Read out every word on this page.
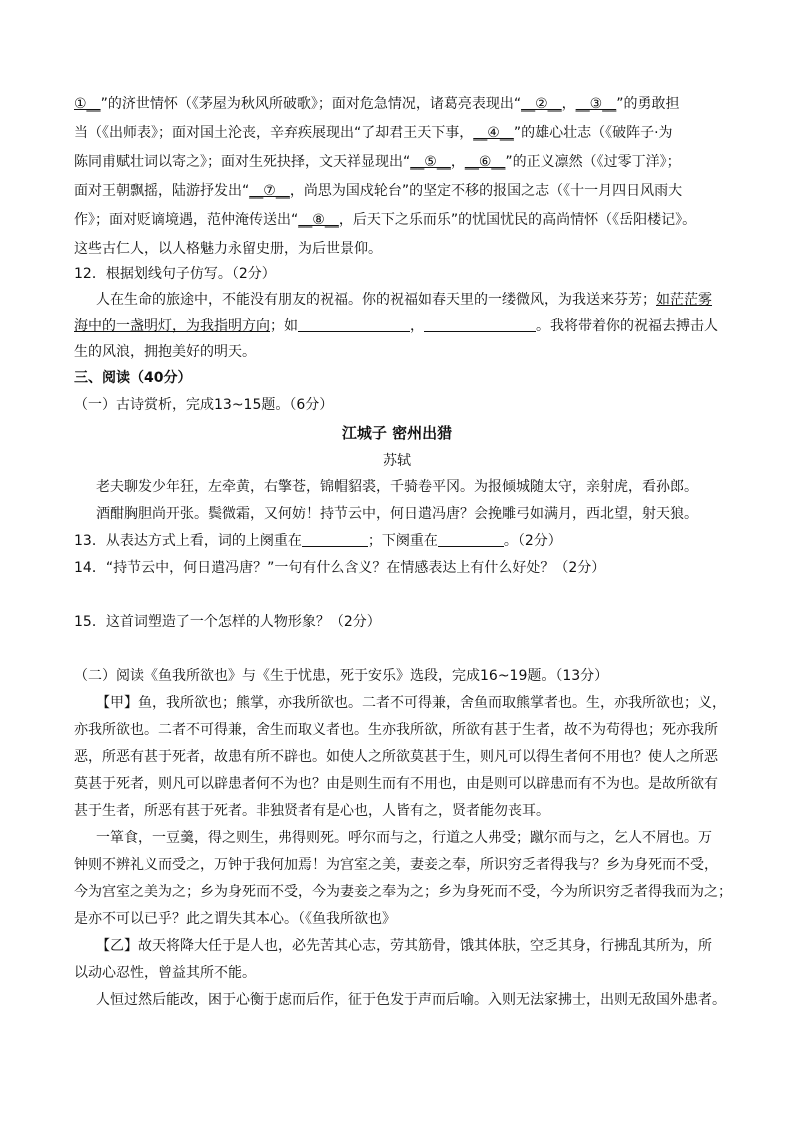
①__”的济世情怀（《茅屋为秋风所破歌》；面对危急情况，诸葛亮表现出“__②__，__③__”的勇敢担
当（《出师表》；面对国土沦丧，辛弃疾展现出“了却君王天下事，__④__”的雄心壮志（《破阵子·为
陈同甫赋壮词以寄之》；面对生死抉择，文天祥显现出“__⑤__，__⑥__”的正义凛然（《过零丁洋》；
面对王朝飘摇，陆游抒发出“__⑦__，尚思为国戍轮台”的坚定不移的报国之志（《十一月四日风雨大
作》；面对贬谪境遇，范仲淹传送出“__⑧__，后天下之乐而乐”的忧国忧民的高尚情怀（《岳阳楼记》。
这些古仁人，以人格魅力永留史册，为后世景仰。
12．根据划线句子仿写。（2分）
人在生命的旅途中，不能没有朋友的祝福。你的祝福如春天里的一缕微风，为我送来芬芳；如茫茫雾
海中的一盏明灯，为我指明方向；如	，	。我将带着你的祝福去搏击人
生的风浪，拥抱美好的明天。
三、阅读（40分）
（一）古诗赏析，完成13~15题。（6分）
江城子 密州出猎
苏轼
老夫聊发少年狂，左牵黄，右擎苍，锦帽貂裘，千骑卷平冈。为报倾城随太守，亲射虎，看孙郎。
酒酣胸胆尚开张。鬓微霜，又何妨！持节云中，何日遣冯唐？会挽雕弓如满月，西北望，射天狼。
13．从表达方式上看，词的上阕重在	；下阕重在	。（2分）
14．“持节云中，何日遣冯唐？”一句有什么含义？在情感表达上有什么好处？（2分）
15．这首词塑造了一个怎样的人物形象？（2分）
（二）阅读《鱼我所欲也》与《生于忧患，死于安乐》选段，完成16~19题。（13分）
【甲】鱼，我所欲也；熊掌，亦我所欲也。二者不可得兼，舍鱼而取熊掌者也。生，亦我所欲也；义，
亦我所欲也。二者不可得兼，舍生而取义者也。生亦我所欲，所欲有甚于生者，故不为苟得也；死亦我所
恶，所恶有甚于死者，故患有所不辟也。如使人之所欲莫甚于生，则凡可以得生者何不用也？使人之所恶
莫甚于死者，则凡可以辟患者何不为也？由是则生而有不用也，由是则可以辟患而有不为也。是故所欲有
甚于生者，所恶有甚于死者。非独贤者有是心也，人皆有之，贤者能勿丧耳。
一箪食，一豆羹，得之则生，弗得则死。呼尔而与之，行道之人弗受；蹴尔而与之，乞人不屑也。万
钟则不辨礼义而受之，万钟于我何加焉！为宫室之美，妻妾之奉，所识穷乏者得我与？乡为身死而不受，
今为宫室之美为之；乡为身死而不受，今为妻妾之奉为之；乡为身死而不受，今为所识穷乏者得我而为之；
是亦不可以已乎？此之谓失其本心。（《鱼我所欲也》
【乙】故天将降大任于是人也，必先苦其心志，劳其筋骨，饿其体肤，空乏其身，行拂乱其所为，所
以动心忍性，曾益其所不能。
人恒过然后能改，困于心衡于虑而后作，征于色发于声而后喻。入则无法家拂士，出则无敌国外患者。
